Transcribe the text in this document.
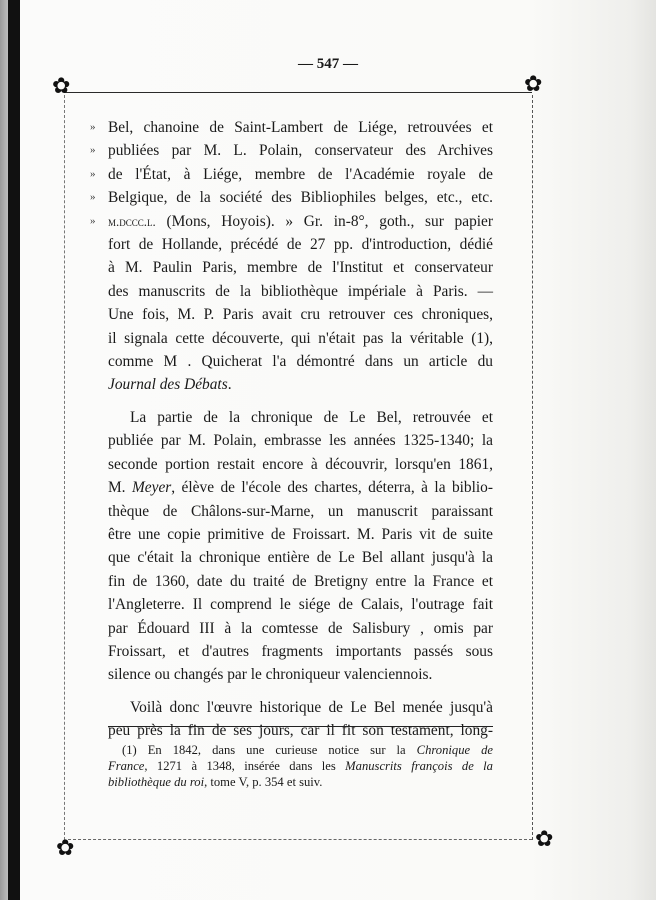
— 547 —
✿	✿
✿	✿
» Bel, chanoine de Saint-Lambert de Liége, retrouvées et
» publiées par M. L. Polain, conservateur des Archives
» de l'État, à Liége, membre de l'Académie royale de
» Belgique, de la société des Bibliophiles belges, etc., etc.
» m.dccc.l. (Mons, Hoyois). » Gr. in-8°, goth., sur papier
fort de Hollande, précédé de 27 pp. d'introduction, dédié
à M. Paulin Paris, membre de l'Institut et conservateur
des manuscrits de la bibliothèque impériale à Paris. —
Une fois, M. P. Paris avait cru retrouver ces chroniques,
il signala cette découverte, qui n'était pas la véritable (1),
comme M . Quicherat l'a démontré dans un article du
Journal des Débats.
La partie de la chronique de Le Bel, retrouvée et
publiée par M. Polain, embrasse les années 1325-1340; la
seconde portion restait encore à découvrir, lorsqu'en 1861,
M. Meyer, élève de l'école des chartes, déterra, à la biblio-
thèque de Châlons-sur-Marne, un manuscrit paraissant
être une copie primitive de Froissart. M. Paris vit de suite
que c'était la chronique entière de Le Bel allant jusqu'à la
fin de 1360, date du traité de Bretigny entre la France et
l'Angleterre. Il comprend le siége de Calais, l'outrage fait
par Édouard III à la comtesse de Salisbury , omis par
Froissart, et d'autres fragments importants passés sous
silence ou changés par le chroniqueur valenciennois.
Voilà donc l'œuvre historique de Le Bel menée jusqu'à
peu près la fin de ses jours, car il fit son testament, long-
(1) En 1842, dans une curieuse notice sur la Chronique de
France, 1271 à 1348, insérée dans les Manuscrits françois de la
bibliothèque du roi, tome V, p. 354 et suiv.
